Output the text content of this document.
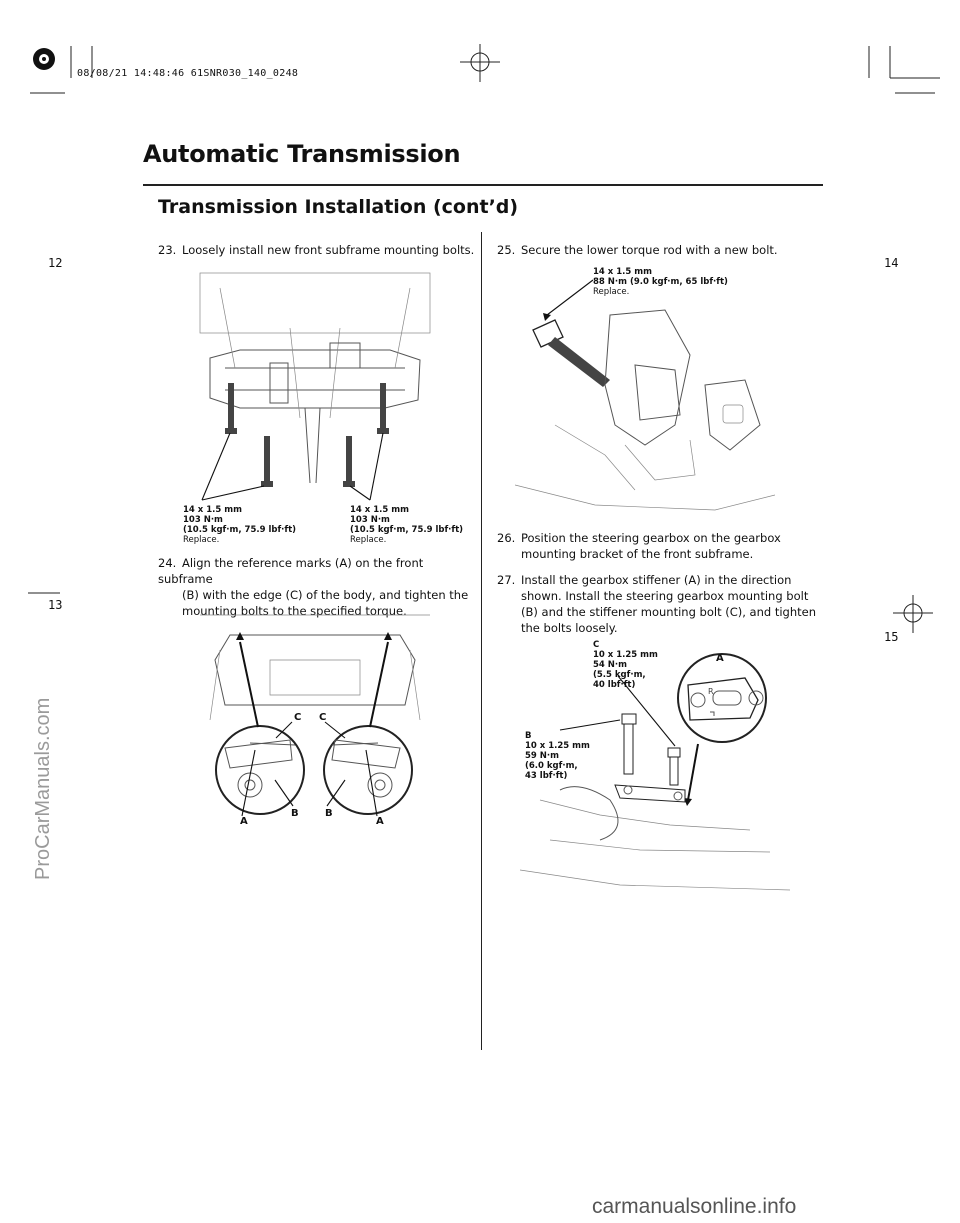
08/08/21 14:48:46 61SNR030_140_0248
12
13
14
15
Automatic Transmission
Transmission Installation (cont’d)
23. Loosely install new front subframe mounting bolts.
14 x 1.5 mm
103 N·m
(10.5 kgf·m, 75.9 lbf·ft)
Replace.
14 x 1.5 mm
103 N·m
(10.5 kgf·m, 75.9 lbf·ft)
Replace.
24. Align the reference marks (A) on the front subframe
(B) with the edge (C) of the body, and tighten the
mounting bolts to the specified torque.
A
B
C C
B
A
25. Secure the lower torque rod with a new bolt.
14 x 1.5 mm
88 N·m (9.0 kgf·m, 65 lbf·ft)
Replace.
26. Position the steering gearbox on the gearbox
mounting bracket of the front subframe.
27. Install the gearbox stiffener (A) in the direction
shown. Install the steering gearbox mounting bolt
(B) and the stiffener mounting bolt (C), and tighten
the bolts loosely.
C
10 x 1.25 mm
54 N·m
(5.5 kgf·m,
40 lbf·ft)
A
R
B
10 x 1.25 mm
59 N·m
(6.0 kgf·m,
43 lbf·ft)
ProCarManuals.com
carmanualsonline.info
